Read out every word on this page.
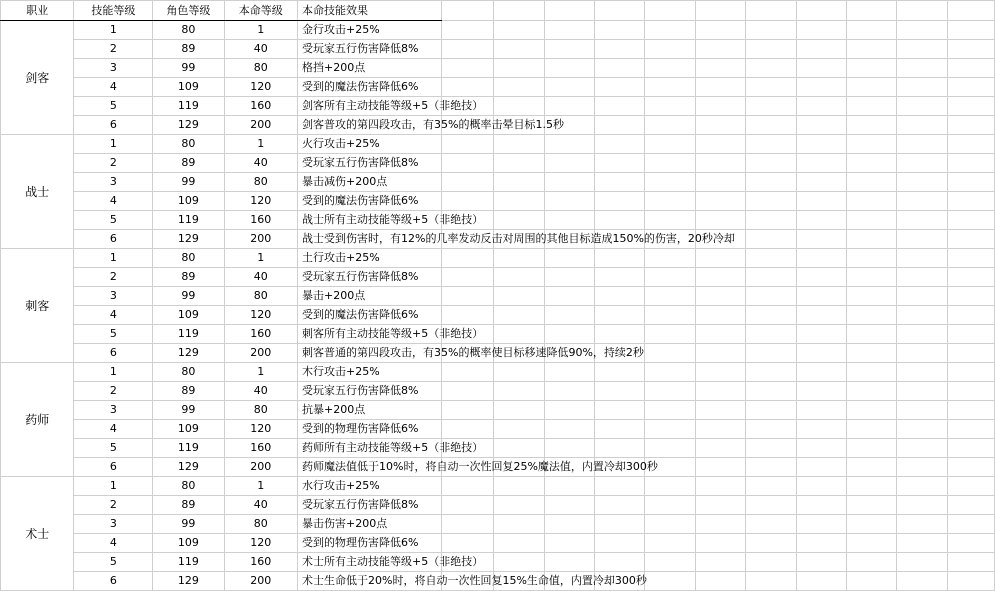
职业	技能等级	角色等级	本命等级	本命技能效果											
剑客	1	80	1	金行攻击+25%											
	2	89	40	受玩家五行伤害降低8%											
	3	99	80	格挡+200点											
	4	109	120	受到的魔法伤害降低6%											
	5	119	160	剑客所有主动技能等级+5（非绝技）											
	6	129	200	剑客普攻的第四段攻击，有35%的概率击晕目标1.5秒											
战士	1	80	1	火行攻击+25%											
	2	89	40	受玩家五行伤害降低8%											
	3	99	80	暴击减伤+200点											
	4	109	120	受到的魔法伤害降低6%											
	5	119	160	战士所有主动技能等级+5（非绝技）											
	6	129	200	战士受到伤害时，有12%的几率发动反击对周围的其他目标造成150%的伤害，20秒冷却											
刺客	1	80	1	土行攻击+25%											
	2	89	40	受玩家五行伤害降低8%											
	3	99	80	暴击+200点											
	4	109	120	受到的魔法伤害降低6%											
	5	119	160	刺客所有主动技能等级+5（非绝技）											
	6	129	200	刺客普通的第四段攻击，有35%的概率使目标移速降低90%，持续2秒											
药师	1	80	1	木行攻击+25%											
	2	89	40	受玩家五行伤害降低8%											
	3	99	80	抗暴+200点											
	4	109	120	受到的物理伤害降低6%											
	5	119	160	药师所有主动技能等级+5（非绝技）											
	6	129	200	药师魔法值低于10%时，将自动一次性回复25%魔法值，内置冷却300秒											
术士	1	80	1	水行攻击+25%											
	2	89	40	受玩家五行伤害降低8%											
	3	99	80	暴击伤害+200点											
	4	109	120	受到的物理伤害降低6%											
	5	119	160	术士所有主动技能等级+5（非绝技）											
	6	129	200	术士生命低于20%时，将自动一次性回复15%生命值，内置冷却300秒											
